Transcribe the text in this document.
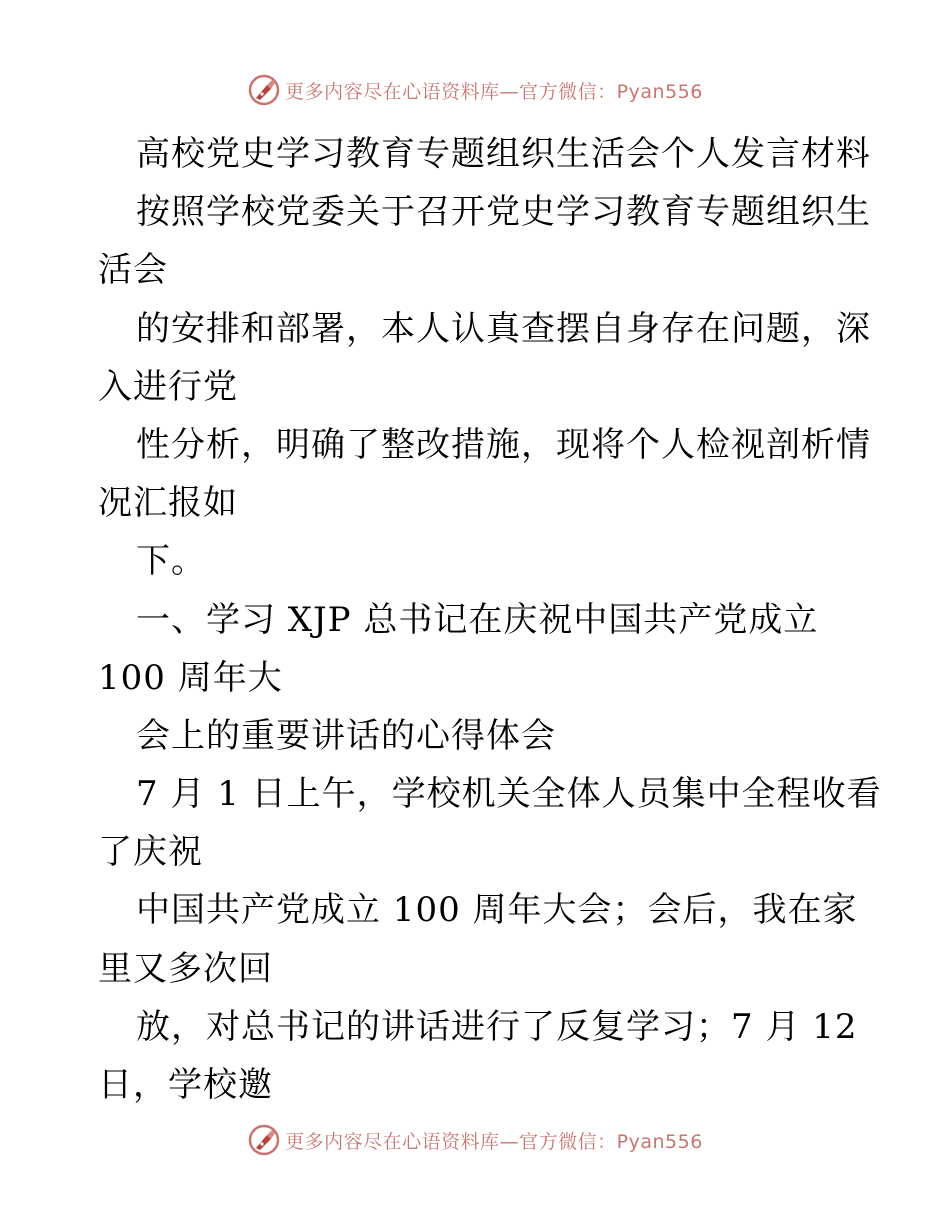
更多内容尽在心语资料库—官方微信：Pyan556
高校党史学习教育专题组织生活会个人发言材料
按照学校党委关于召开党史学习教育专题组织生
活会
的安排和部署，本人认真查摆自身存在问题，深
入进行党
性分析，明确了整改措施，现将个人检视剖析情
况汇报如
下。
一、学习 XJP 总书记在庆祝中国共产党成立
100 周年大
会上的重要讲话的心得体会
7 月 1 日上午，学校机关全体人员集中全程收看
了庆祝
中国共产党成立 100 周年大会；会后，我在家
里又多次回
放，对总书记的讲话进行了反复学习；7 月 12
日，学校邀
更多内容尽在心语资料库—官方微信：Pyan556
